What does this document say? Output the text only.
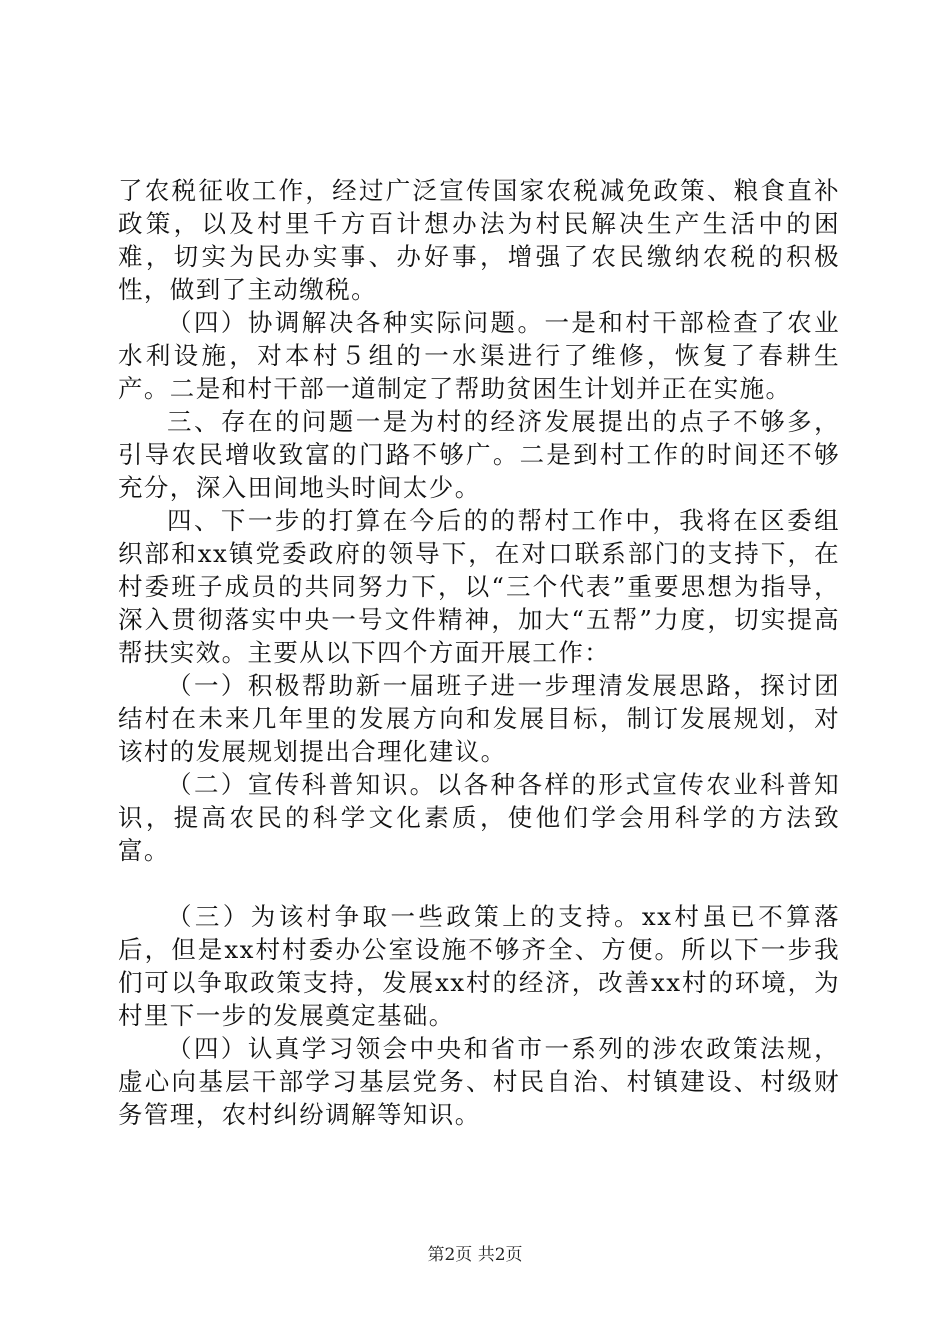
了农税征收工作，经过广泛宣传国家农税减免政策、粮食直补政策，以及村里千方百计想办法为村民解决生产生活中的困难，切实为民办实事、办好事，增强了农民缴纳农税的积极性，做到了主动缴税。

（四）协调解决各种实际问题。一是和村干部检查了农业水利设施，对本村５组的一水渠进行了维修，恢复了春耕生产。二是和村干部一道制定了帮助贫困生计划并正在实施。

三、存在的问题一是为村的经济发展提出的点子不够多，引导农民增收致富的门路不够广。二是到村工作的时间还不够充分，深入田间地头时间太少。

四、下一步的打算在今后的的帮村工作中，我将在区委组织部和xx镇党委政府的领导下，在对口联系部门的支持下，在村委班子成员的共同努力下，以“三个代表”重要思想为指导，深入贯彻落实中央一号文件精神，加大“五帮”力度，切实提高帮扶实效。主要从以下四个方面开展工作：

（一）积极帮助新一届班子进一步理清发展思路，探讨团结村在未来几年里的发展方向和发展目标，制订发展规划，对该村的发展规划提出合理化建议。

（二）宣传科普知识。以各种各样的形式宣传农业科普知识，提高农民的科学文化素质，使他们学会用科学的方法致富。

（三）为该村争取一些政策上的支持。xx村虽已不算落后，但是xx村村委办公室设施不够齐全、方便。所以下一步我们可以争取政策支持，发展xx村的经济，改善xx村的环境，为村里下一步的发展奠定基础。

（四）认真学习领会中央和省市一系列的涉农政策法规，虚心向基层干部学习基层党务、村民自治、村镇建设、村级财务管理，农村纠纷调解等知识。

第2页 共2页
